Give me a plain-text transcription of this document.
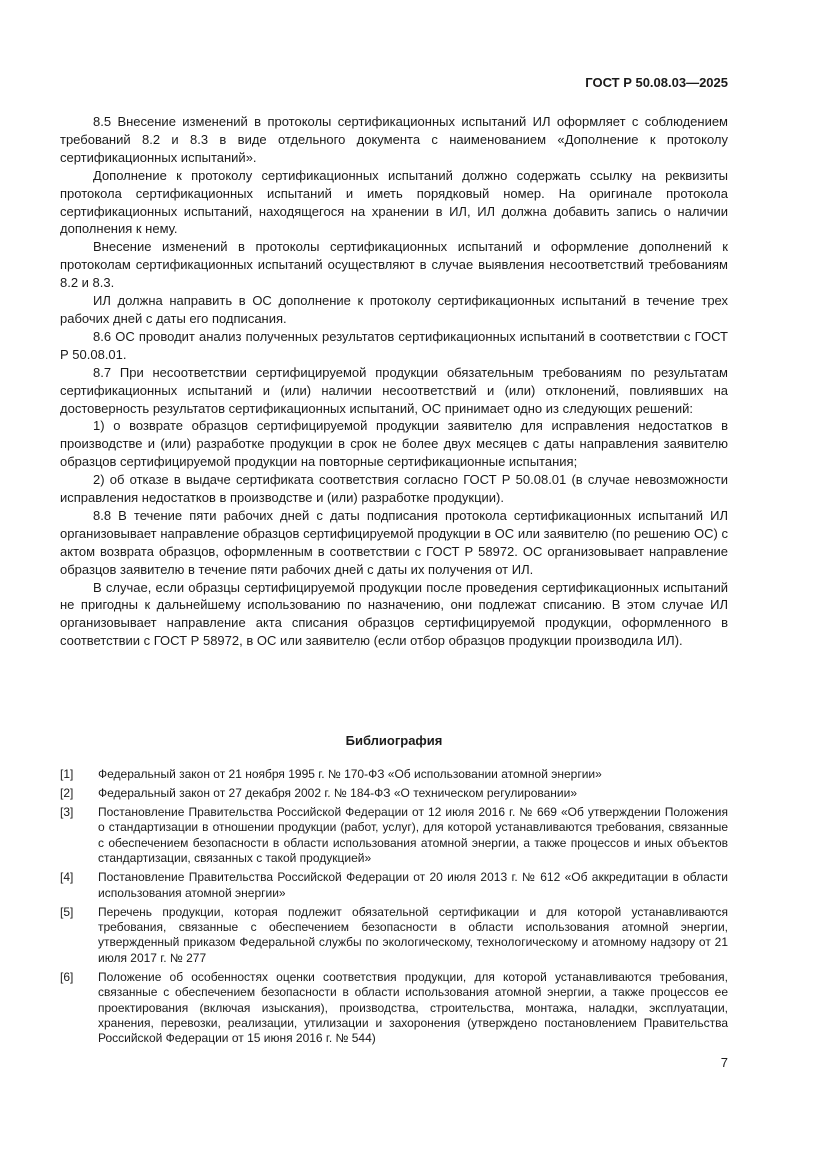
ГОСТ Р 50.08.03—2025

8.5 Внесение изменений в протоколы сертификационных испытаний ИЛ оформляет с соблюдением требований 8.2 и 8.3 в виде отдельного документа с наименованием «Дополнение к протоколу сертификационных испытаний».

Дополнение к протоколу сертификационных испытаний должно содержать ссылку на реквизиты протокола сертификационных испытаний и иметь порядковый номер. На оригинале протокола сертификационных испытаний, находящегося на хранении в ИЛ, ИЛ должна добавить запись о наличии дополнения к нему.

Внесение изменений в протоколы сертификационных испытаний и оформление дополнений к протоколам сертификационных испытаний осуществляют в случае выявления несоответствий требованиям 8.2 и 8.3.

ИЛ должна направить в ОС дополнение к протоколу сертификационных испытаний в течение трех рабочих дней с даты его подписания.

8.6 ОС проводит анализ полученных результатов сертификационных испытаний в соответствии с ГОСТ Р 50.08.01.

8.7 При несоответствии сертифицируемой продукции обязательным требованиям по результатам сертификационных испытаний и (или) наличии несоответствий и (или) отклонений, повлиявших на достоверность результатов сертификационных испытаний, ОС принимает одно из следующих решений:

1) о возврате образцов сертифицируемой продукции заявителю для исправления недостатков в производстве и (или) разработке продукции в срок не более двух месяцев с даты направления заявителю образцов сертифицируемой продукции на повторные сертификационные испытания;

2) об отказе в выдаче сертификата соответствия согласно ГОСТ Р 50.08.01 (в случае невозможности исправления недостатков в производстве и (или) разработке продукции).

8.8 В течение пяти рабочих дней с даты подписания протокола сертификационных испытаний ИЛ организовывает направление образцов сертифицируемой продукции в ОС или заявителю (по решению ОС) с актом возврата образцов, оформленным в соответствии с ГОСТ Р 58972. ОС организовывает направление образцов заявителю в течение пяти рабочих дней с даты их получения от ИЛ.

В случае, если образцы сертифицируемой продукции после проведения сертификационных испытаний не пригодны к дальнейшему использованию по назначению, они подлежат списанию. В этом случае ИЛ организовывает направление акта списания образцов сертифицируемой продукции, оформленного в соответствии с ГОСТ Р 58972, в ОС или заявителю (если отбор образцов продукции производила ИЛ).

Библиография
[1]	Федеральный закон от 21 ноября 1995 г. № 170-ФЗ «Об использовании атомной энергии»
[2]	Федеральный закон от 27 декабря 2002 г. № 184-ФЗ «О техническом регулировании»
[3]	Постановление Правительства Российской Федерации от 12 июля 2016 г. № 669 «Об утверждении Положения о стандартизации в отношении продукции (работ, услуг), для которой устанавливаются требования, связанные с обеспечением безопасности в области использования атомной энергии, а также процессов и иных объектов стандартизации, связанных с такой продукцией»
[4]	Постановление Правительства Российской Федерации от 20 июля 2013 г. № 612 «Об аккредитации в области использования атомной энергии»
[5]	Перечень продукции, которая подлежит обязательной сертификации и для которой устанавливаются требования, связанные с обеспечением безопасности в области использования атомной энергии, утвержденный приказом Федеральной службы по экологическому, технологическому и атомному надзору от 21 июля 2017 г. № 277
[6]	Положение об особенностях оценки соответствия продукции, для которой устанавливаются требования, связанные с обеспечением безопасности в области использования атомной энергии, а также процессов ее проектирования (включая изыскания), производства, строительства, монтажа, наладки, эксплуатации, хранения, перевозки, реализации, утилизации и захоронения (утверждено постановлением Правительства Российской Федерации от 15 июня 2016 г. № 544)

7
